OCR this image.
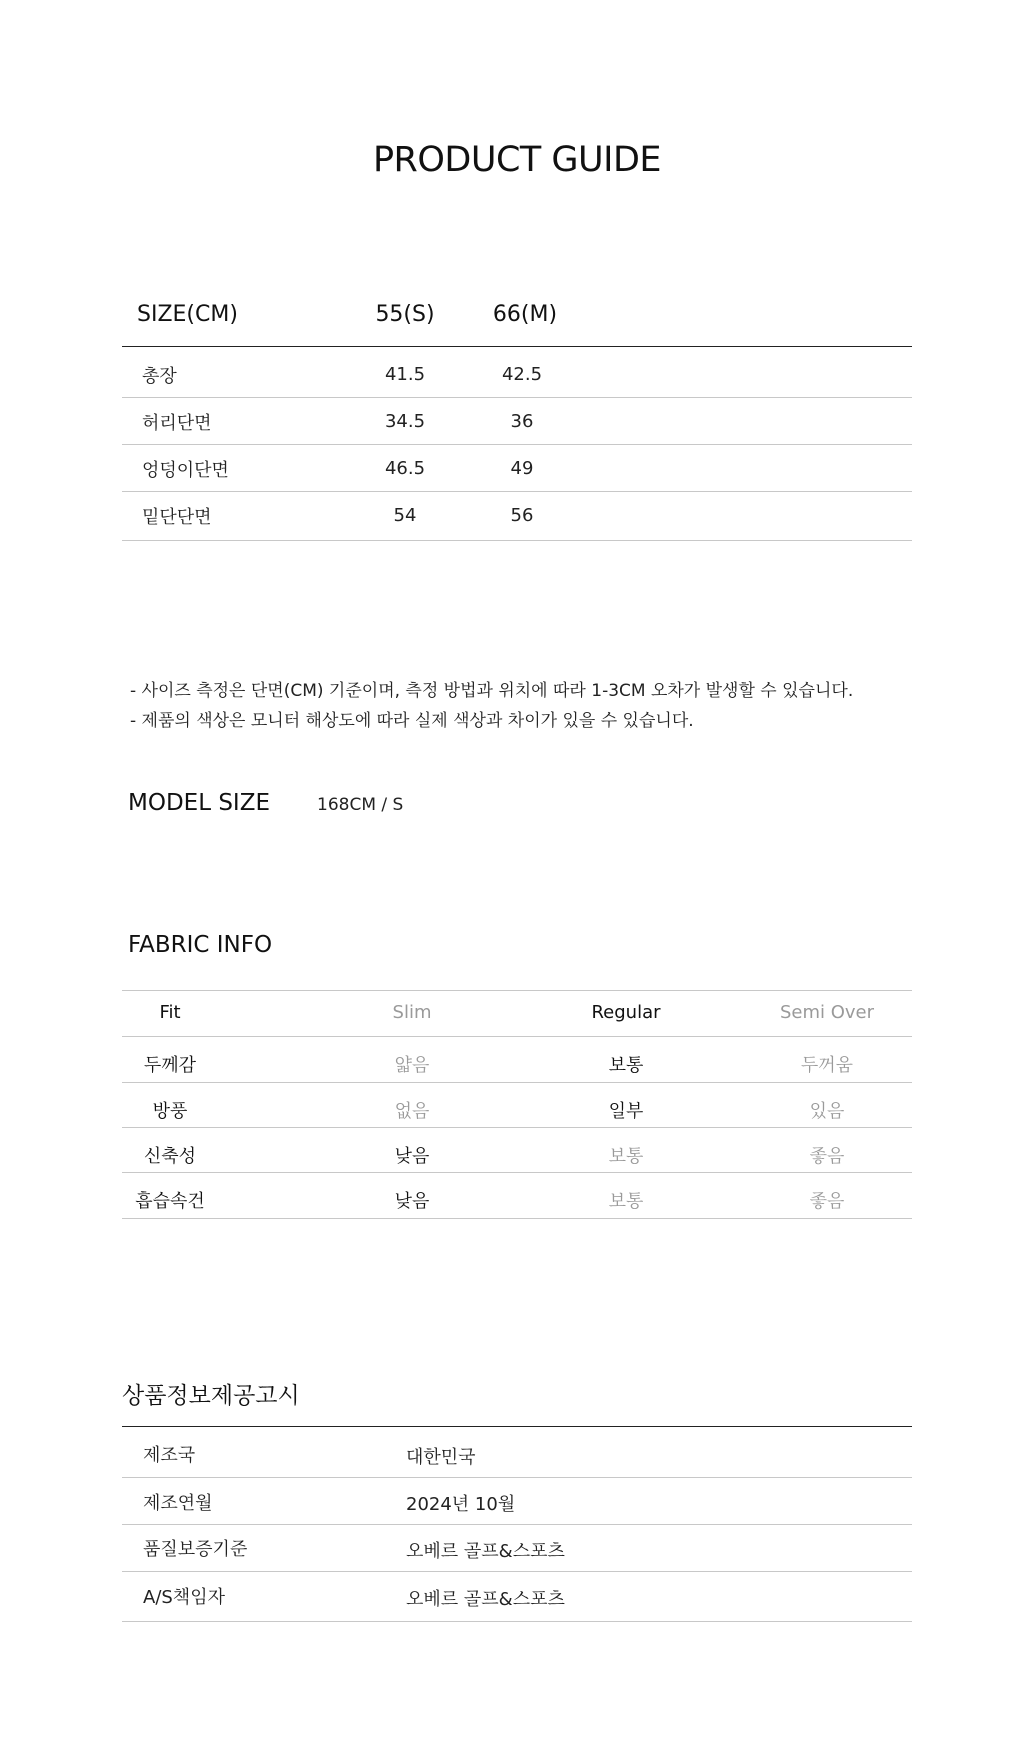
PRODUCT GUIDE
SIZE(CM)	55(S)	66(M)
총장	41.5	42.5
허리단면	34.5	36
엉덩이단면	46.5	49
밑단단면	54	56
- 사이즈 측정은 단면(CM) 기준이며, 측정 방법과 위치에 따라 1-3CM 오차가 발생할 수 있습니다.
- 제품의 색상은 모니터 해상도에 따라 실제 색상과 차이가 있을 수 있습니다.
MODEL SIZE	168CM / S
FABRIC INFO
Fit	Slim	Regular	Semi Over
두께감	얇음	보통	두꺼움
방풍	없음	일부	있음
신축성	낮음	보통	좋음
흡습속건	낮음	보통	좋음
상품정보제공고시
제조국	대한민국
제조연월	2024년 10월
품질보증기준	오베르 골프&스포츠
A/S책임자	오베르 골프&스포츠
